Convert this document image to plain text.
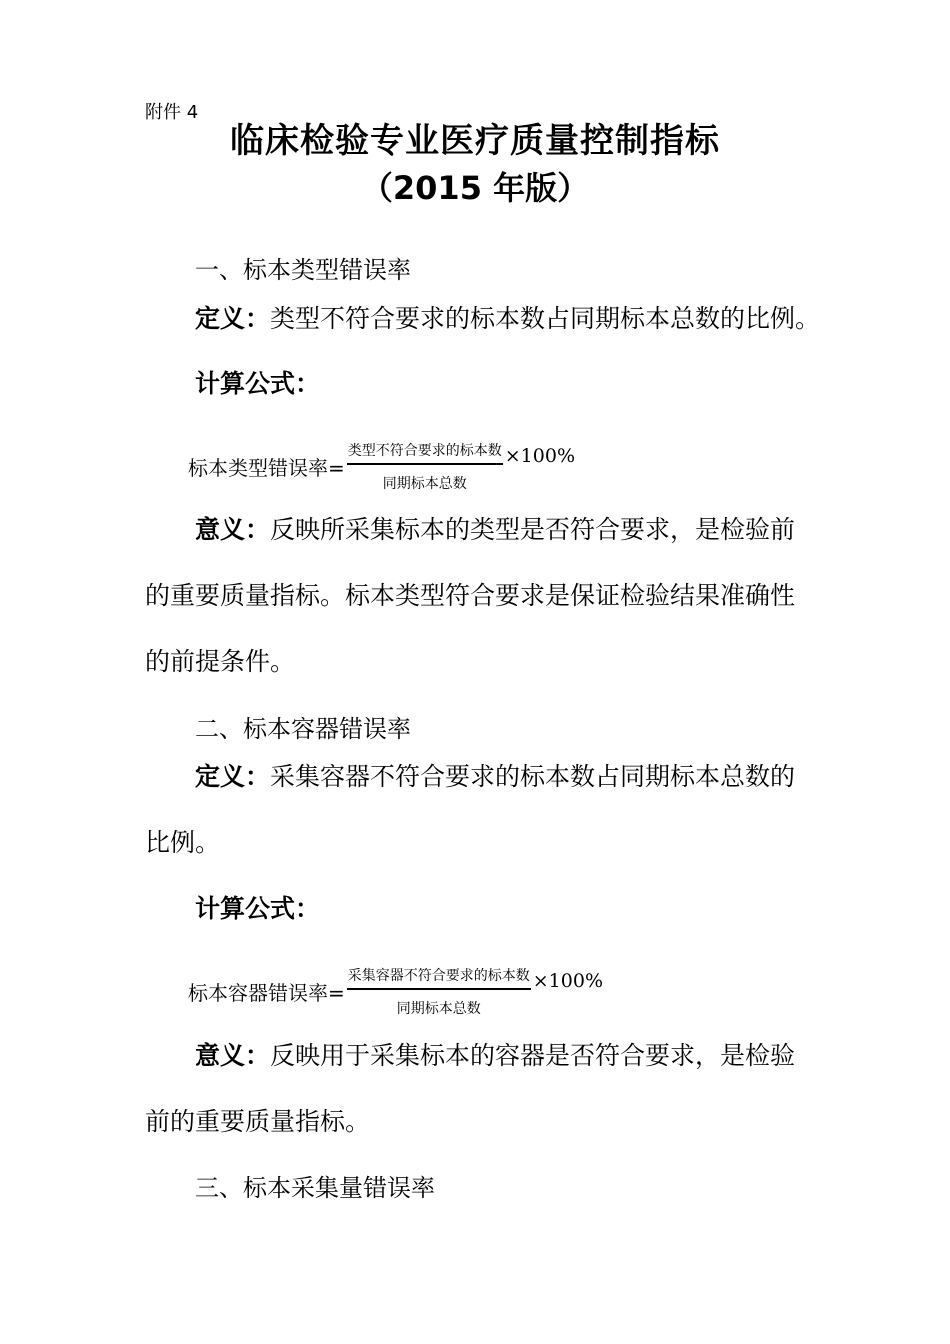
附件 4
临床检验专业医疗质量控制指标
（2015 年版）
一、标本类型错误率
定义：类型不符合要求的标本数占同期标本总数的比例。
计算公式：
标本类型错误率= $\frac{\text{类型不符合要求的标本数}}{\text{同期标本总数}} \times 100\%$
意义：反映所采集标本的类型是否符合要求，是检验前
的重要质量指标。标本类型符合要求是保证检验结果准确性
的前提条件。
二、标本容器错误率
定义：采集容器不符合要求的标本数占同期标本总数的
比例。
计算公式：
标本容器错误率= $\frac{\text{采集容器不符合要求的标本数}}{\text{同期标本总数}} \times 100\%$
意义：反映用于采集标本的容器是否符合要求，是检验
前的重要质量指标。
三、标本采集量错误率
